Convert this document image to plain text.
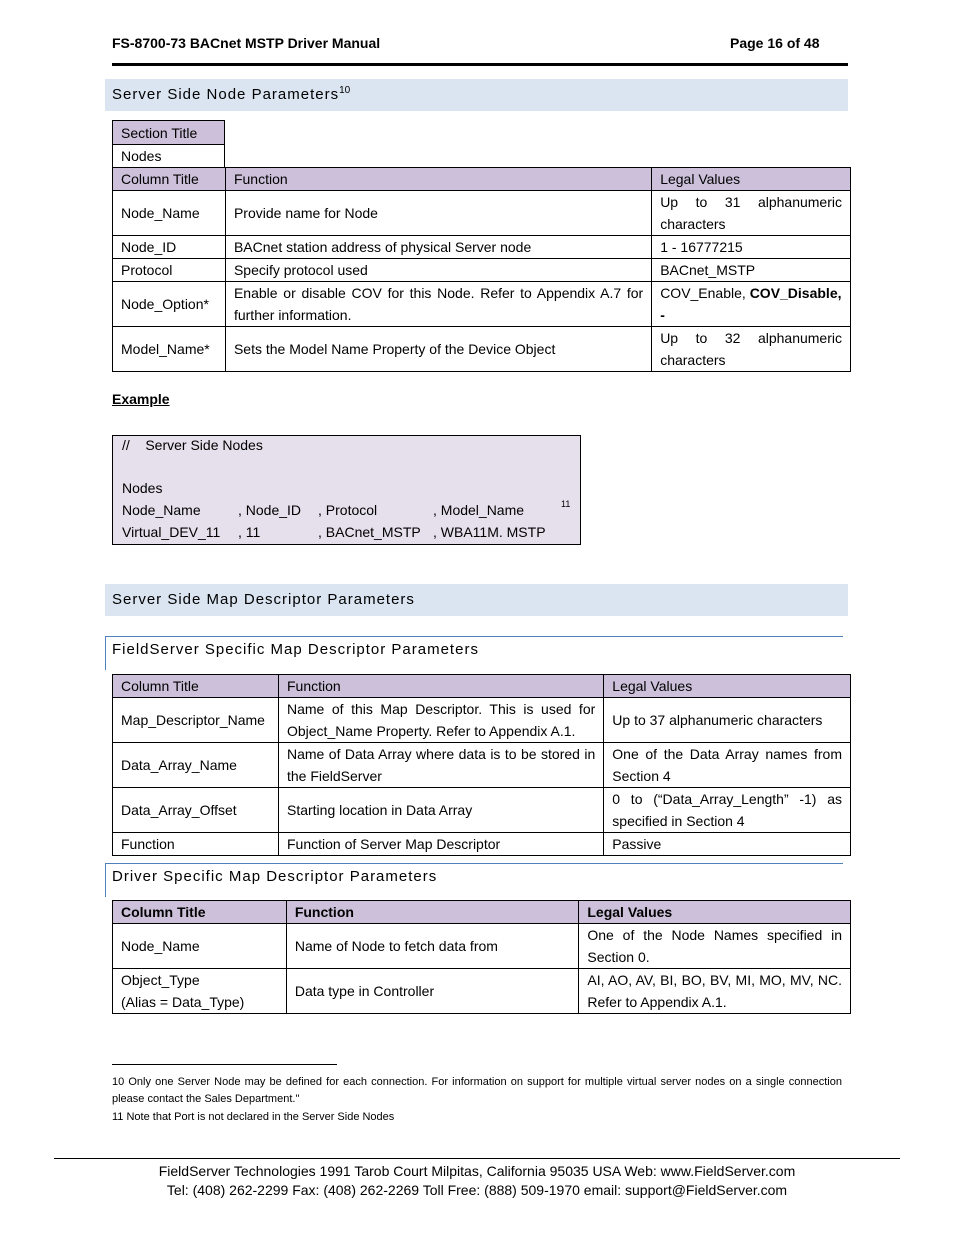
FS-8700-73 BACnet MSTP Driver Manual	Page 16 of 48
Server Side Node Parameters$^{10}$
Section Title
Nodes
Column Title	Function	Legal Values
Node_Name	Provide name for Node	Up to 31 alphanumeric characters
Node_ID	BACnet station address of physical Server node	1 - 16777215
Protocol	Specify protocol used	BACnet_MSTP
Node_Option*	Enable or disable COV for this Node. Refer to Appendix A.7 for further information.	COV_Enable, COV_Disable, -
Model_Name*	Sets the Model Name Property of the Device Object	Up to 32 alphanumeric characters
Example
//    Server Side Nodes
Nodes
Node_Name	, Node_ID , Protocol	, Model_Name	11
Virtual_DEV_11 , 11	, BACnet_MSTP , WBA11M. MSTP
Server Side Map Descriptor Parameters
FieldServer Specific Map Descriptor Parameters
Column Title	Function	Legal Values
Map_Descriptor_Name	Name of this Map Descriptor. This is used for Object_Name Property. Refer to Appendix A.1.	Up to 37 alphanumeric characters
Data_Array_Name	Name of Data Array where data is to be stored in the FieldServer	One of the Data Array names from Section 4
Data_Array_Offset	Starting location in Data Array	0 to (“Data_Array_Length” -1) as specified in Section 4
Function	Function of Server Map Descriptor	Passive
Driver Specific Map Descriptor Parameters
Column Title	Function	Legal Values
Node_Name	Name of Node to fetch data from	One of the Node Names specified in Section 0.

Object_Type
(Alias = Data_Type)	Data type in Controller	AI, AO, AV, BI, BO, BV, MI, MO, MV, NC. Refer to Appendix A.1.
10 Only one Server Node may be defined for each connection. For information on support for multiple virtual server nodes on a single connection please contact the Sales Department."
11 Note that Port is not declared in the Server Side Nodes
FieldServer Technologies 1991 Tarob Court Milpitas, California 95035 USA Web: www.FieldServer.com
Tel: (408) 262-2299 Fax: (408) 262-2269 Toll Free: (888) 509-1970 email: support@FieldServer.com
